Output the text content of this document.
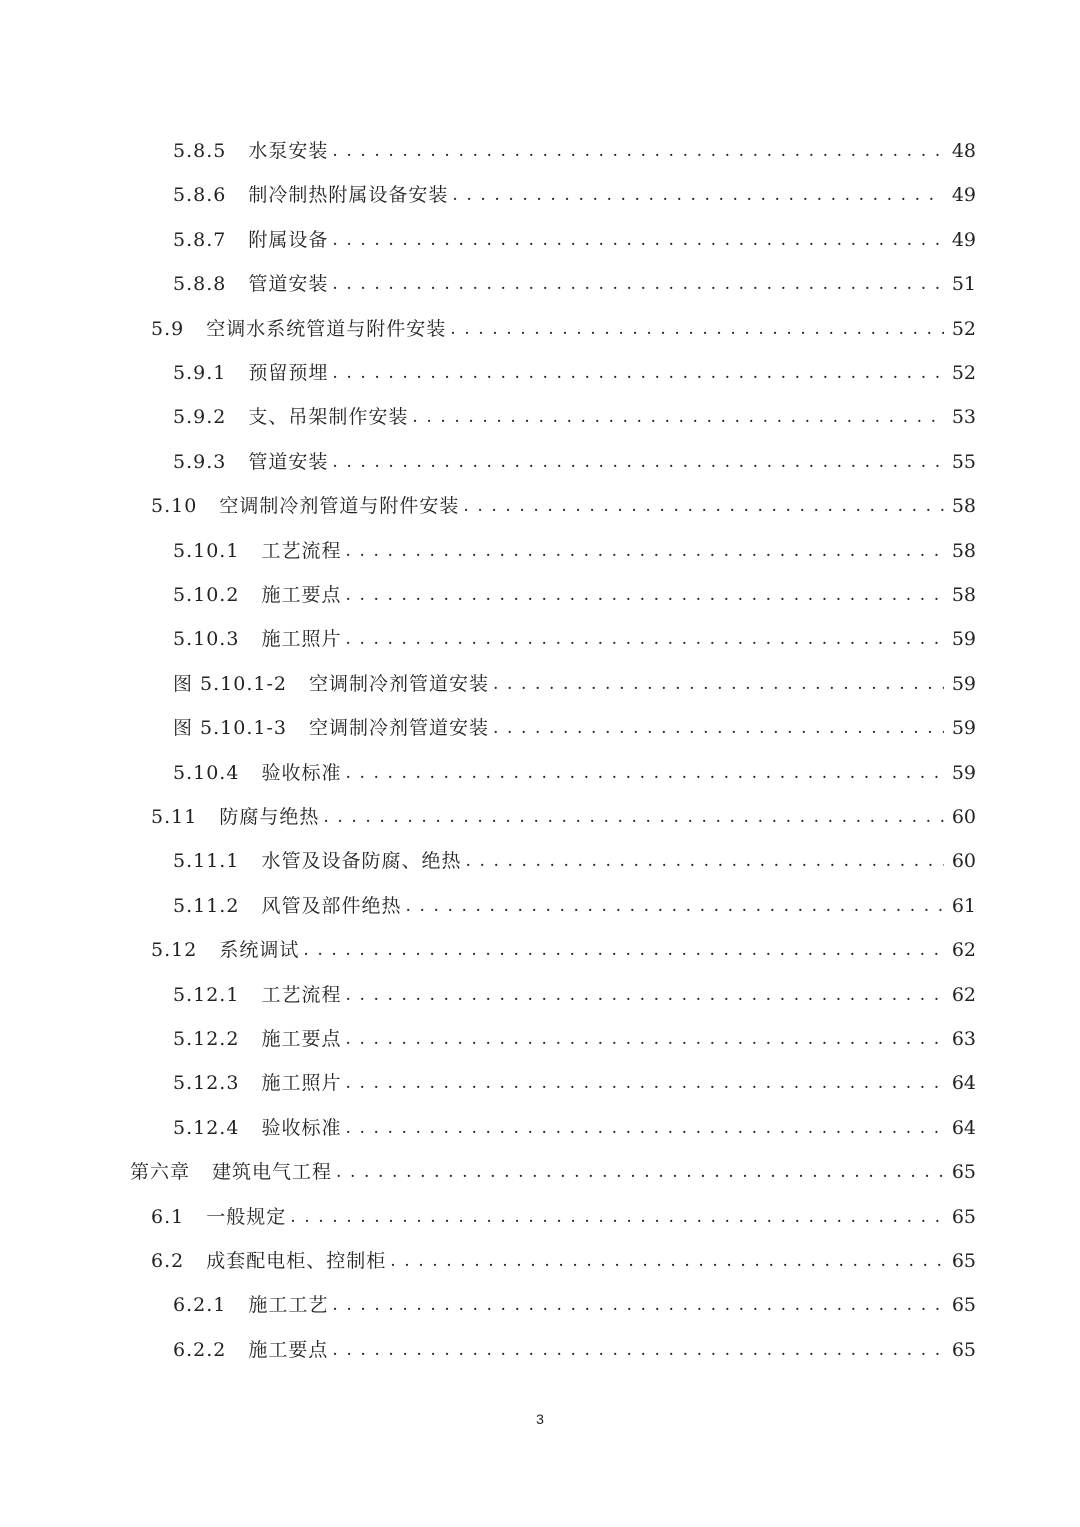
5.8.5 水泵安装 . . .	48
5.8.6 制冷制热附属设备安装 . . .	49
5.8.7 附属设备 . . .	49
5.8.8 管道安装 . . .	51
5.9 空调水系统管道与附件安装 . . .	52
5.9.1 预留预埋 . . .	52
5.9.2 支、吊架制作安装 . . .	53
5.9.3 管道安装 . . .	55
5.10 空调制冷剂管道与附件安装 . . .	58
5.10.1 工艺流程 . . .	58
5.10.2 施工要点 . . .	58
5.10.3 施工照片 . . .	59
图 5.10.1-2 空调制冷剂管道安装 . . .	59
图 5.10.1-3 空调制冷剂管道安装 . . .	59
5.10.4 验收标准 . . .	59
5.11 防腐与绝热 . . .	60
5.11.1 水管及设备防腐、绝热 . . .	60
5.11.2 风管及部件绝热 . . .	61
5.12 系统调试 . . .	62
5.12.1 工艺流程 . . .	62
5.12.2 施工要点 . . .	63
5.12.3 施工照片 . . .	64
5.12.4 验收标准 . . .	64
第六章 建筑电气工程 . . .	65
6.1 一般规定 . . .	65
6.2 成套配电柜、控制柜 . . .	65
6.2.1 施工工艺 . . .	65
6.2.2 施工要点 . . .	65
3
